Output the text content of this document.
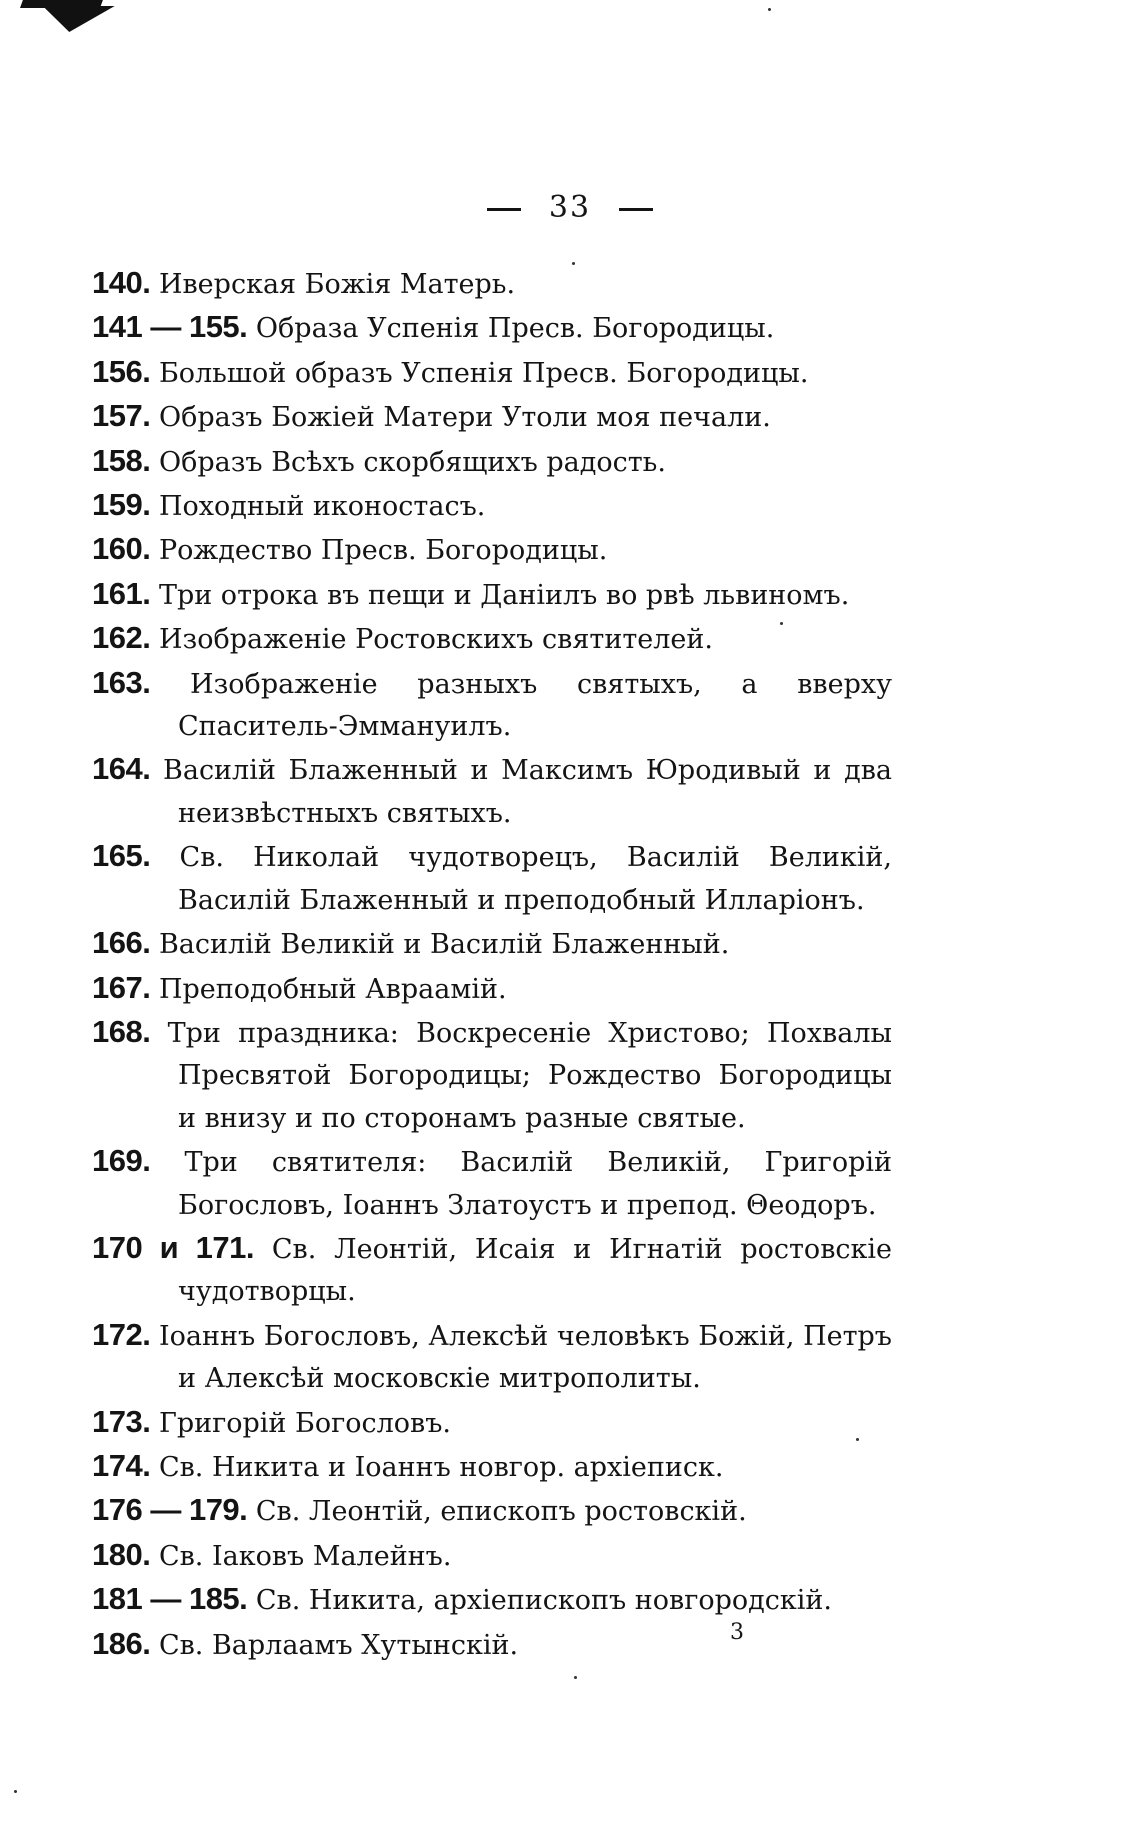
33
140. Иверская Божія Матерь.
141 — 155. Образа Успенія Пресв. Богородицы.
156. Большой образъ Успенія Пресв. Богородицы.
157. Образъ Божіей Матери Утоли моя печали.
158. Образъ Всѣхъ скорбящихъ радость.
159. Походный иконостасъ.
160. Рождество Пресв. Богородицы.
161. Три отрока въ пещи и Даніилъ во рвѣ львиномъ.
162. Изображеніе Ростовскихъ святителей.
163. Изображеніе разныхъ святыхъ, а вверху Спаситель-Эммануилъ.
164. Василій Блаженный и Максимъ Юродивый и два неизвѣстныхъ святыхъ.
165. Св. Николай чудотворецъ, Василій Великій, Василій Блаженный и преподобный Илларіонъ.
166. Василій Великій и Василій Блаженный.
167. Преподобный Авраамій.
168. Три праздника: Воскресеніе Христово; Похвалы Пресвятой Богородицы; Рождество Богородицы и внизу и по сторонамъ разные святые.
169. Три святителя: Василій Великій, Григорій Богословъ, Іоаннъ Златоустъ и препод. Θеодоръ.
170 и 171. Св. Леонтій, Исаія и Игнатій ростовскіе чудотворцы.
172. Іоаннъ Богословъ, Алексѣй человѣкъ Божій, Петръ и Алексѣй московскіе митрополиты.
173. Григорій Богословъ.
174. Св. Никита и Іоаннъ новгор. архіеписк.
176 — 179. Св. Леонтій, епископъ ростовскій.
180. Св. Іаковъ Малейнъ.
181 — 185. Св. Никита, архіепископъ новгородскій.
186. Св. Варлаамъ Хутынскій.	3
